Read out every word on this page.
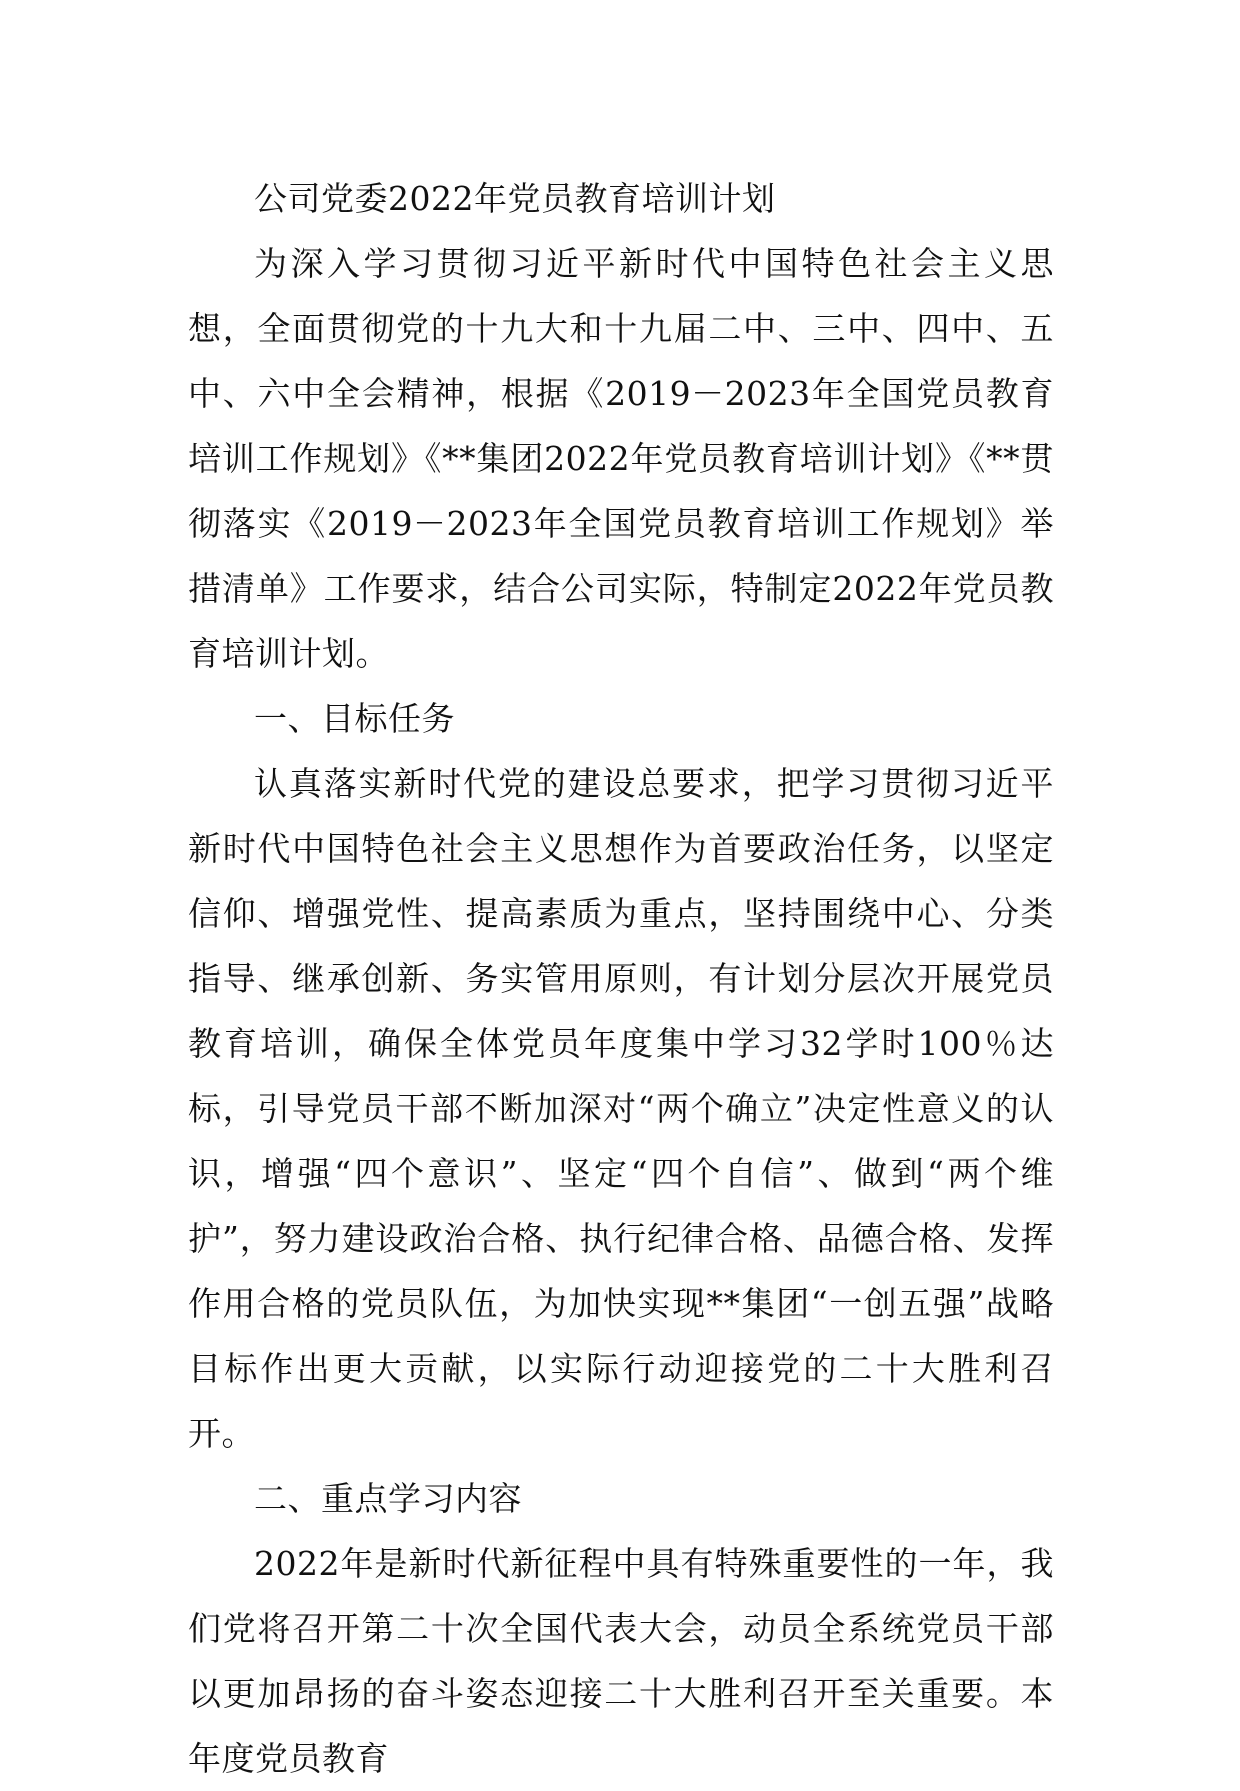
公司党委2022年党员教育培训计划

为深入学习贯彻习近平新时代中国特色社会主义思想，全面贯彻党的十九大和十九届二中、三中、四中、五中、六中全会精神，根据《2019－2023年全国党员教育培训工作规划》《**集团2022年党员教育培训计划》《**贯彻落实《2019－2023年全国党员教育培训工作规划》举措清单》工作要求，结合公司实际，特制定2022年党员教育培训计划。

一、目标任务

认真落实新时代党的建设总要求，把学习贯彻习近平新时代中国特色社会主义思想作为首要政治任务，以坚定信仰、增强党性、提高素质为重点，坚持围绕中心、分类指导、继承创新、务实管用原则，有计划分层次开展党员教育培训，确保全体党员年度集中学习32学时100％达标，引导党员干部不断加深对“两个确立”决定性意义的认识，增强“四个意识”、坚定“四个自信”、做到“两个维护”，努力建设政治合格、执行纪律合格、品德合格、发挥作用合格的党员队伍，为加快实现**集团“一创五强”战略目标作出更大贡献，以实际行动迎接党的二十大胜利召开。

二、重点学习内容

2022年是新时代新征程中具有特殊重要性的一年，我们党将召开第二十次全国代表大会，动员全系统党员干部以更加昂扬的奋斗姿态迎接二十大胜利召开至关重要。本年度党员教育
